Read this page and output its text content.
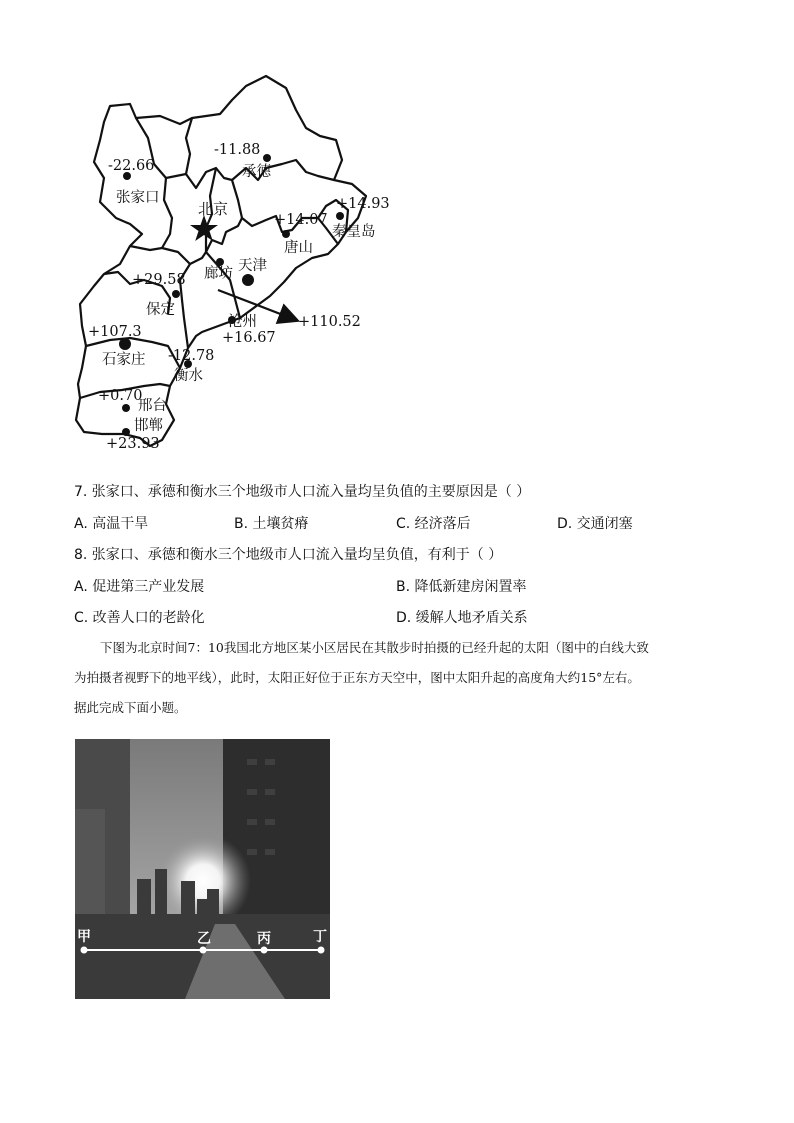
北京
-22.66
张家口
-11.88
承德
+14.93
秦皇岛
+14.07
唐山
天津
廊坊
+110.52
+29.58
保定
沧州
+16.67
+107.3
石家庄 -12.78
衡水
+0.70
邢台
邯郸
+23.93
7. 张家口、承德和衡水三个地级市人口流入量均呈负值的主要原因是（ ）
A. 高温干旱	B. 土壤贫瘠	C. 经济落后	D. 交通闭塞
8. 张家口、承德和衡水三个地级市人口流入量均呈负值，有利于（ ）
A. 促进第三产业发展	B. 降低新建房闲置率
C. 改善人口的老龄化	D. 缓解人地矛盾关系
下图为北京时间7：10我国北方地区某小区居民在其散步时拍摄的已经升起的太阳（图中的白线大致
为拍摄者视野下的地平线），此时，太阳正好位于正东方天空中，图中太阳升起的高度角大约15°左右。
据此完成下面小题。
甲	乙	丙	丁
